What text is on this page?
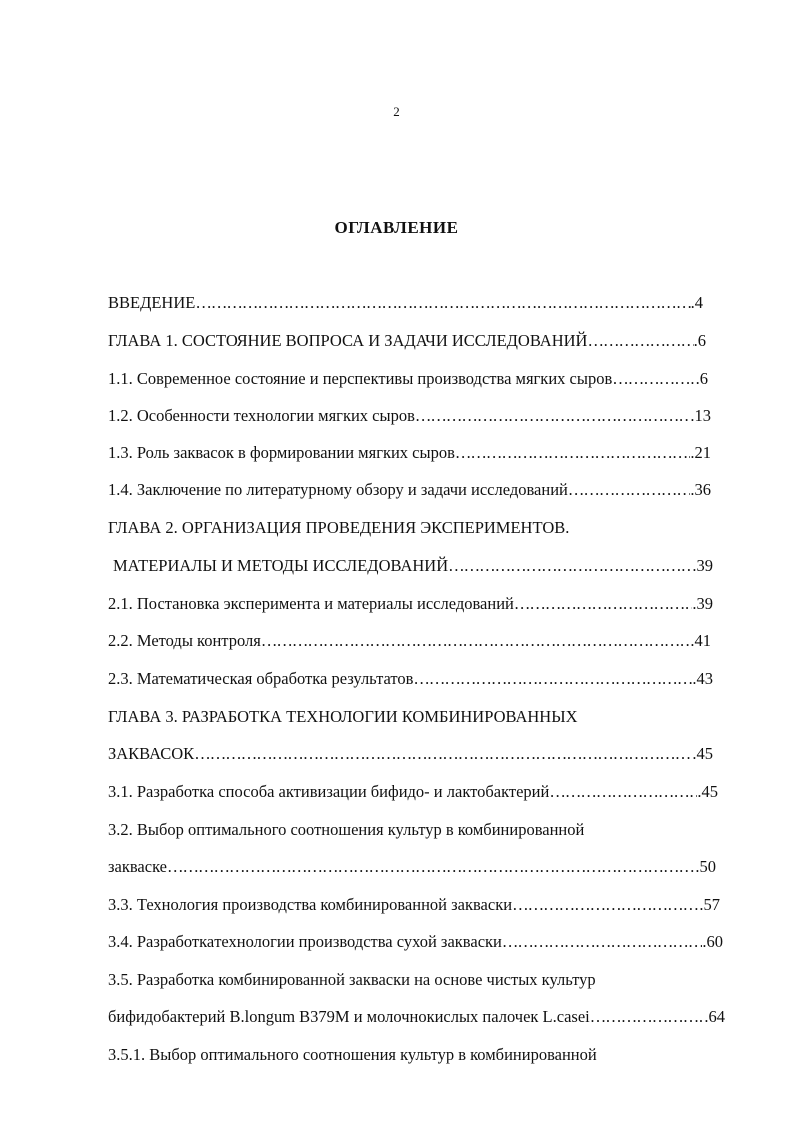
2
ОГЛАВЛЕНИЕ
ВВЕДЕНИЕ ……………………………………………………………………………………………………………………………………………………………………………………………	.4
ГЛАВА 1. СОСТОЯНИЕ ВОПРОСА И ЗАДАЧИ ИССЛЕДОВАНИЙ ……………………………………………………………………………………………………………………………………………………………………………………………	.6
1.1. Современное состояние и перспективы производства мягких сыров ……………………………………………………………………………………………………………………………………………………………………………………………	.6
1.2. Особенности технологии мягких сыров ……………………………………………………………………………………………………………………………………………………………………………………………	.13
1.3. Роль заквасок в формировании мягких сыров ……………………………………………………………………………………………………………………………………………………………………………………………	.21
1.4. Заключение по литературному обзору и задачи исследований ……………………………………………………………………………………………………………………………………………………………………………………………	.36
ГЛАВА 2. ОРГАНИЗАЦИЯ ПРОВЕДЕНИЯ ЭКСПЕРИМЕНТОВ.
МАТЕРИАЛЫ И МЕТОДЫ ИССЛЕДОВАНИЙ ……………………………………………………………………………………………………………………………………………………………………………………………	.39
2.1. Постановка эксперимента и материалы исследований ……………………………………………………………………………………………………………………………………………………………………………………………	.39
2.2. Методы контроля ……………………………………………………………………………………………………………………………………………………………………………………………	.41
2.3. Математическая обработка результатов ……………………………………………………………………………………………………………………………………………………………………………………………	.43
ГЛАВА 3. РАЗРАБОТКА ТЕХНОЛОГИИ КОМБИНИРОВАННЫХ
ЗАКВАСОК ……………………………………………………………………………………………………………………………………………………………………………………………	.45
3.1. Разработка способа активизации бифидо- и лактобактерий ……………………………………………………………………………………………………………………………………………………………………………………………	.45
3.2. Выбор оптимального соотношения культур в комбинированной
закваске ……………………………………………………………………………………………………………………………………………………………………………………………	.50
3.3. Технология производства комбинированной закваски ……………………………………………………………………………………………………………………………………………………………………………………………	.57
3.4. Разработка технологии производства сухой закваски ……………………………………………………………………………………………………………………………………………………………………………………………	.60
3.5. Разработка комбинированной закваски на основе чистых культур
бифидобактерий B.longum B379M и молочнокислых палочек L.casei ……………………………………………………………………………………………………………………………………………………………………………………………	.64
3.5.1. Выбор оптимального соотношения культур в комбинированной
